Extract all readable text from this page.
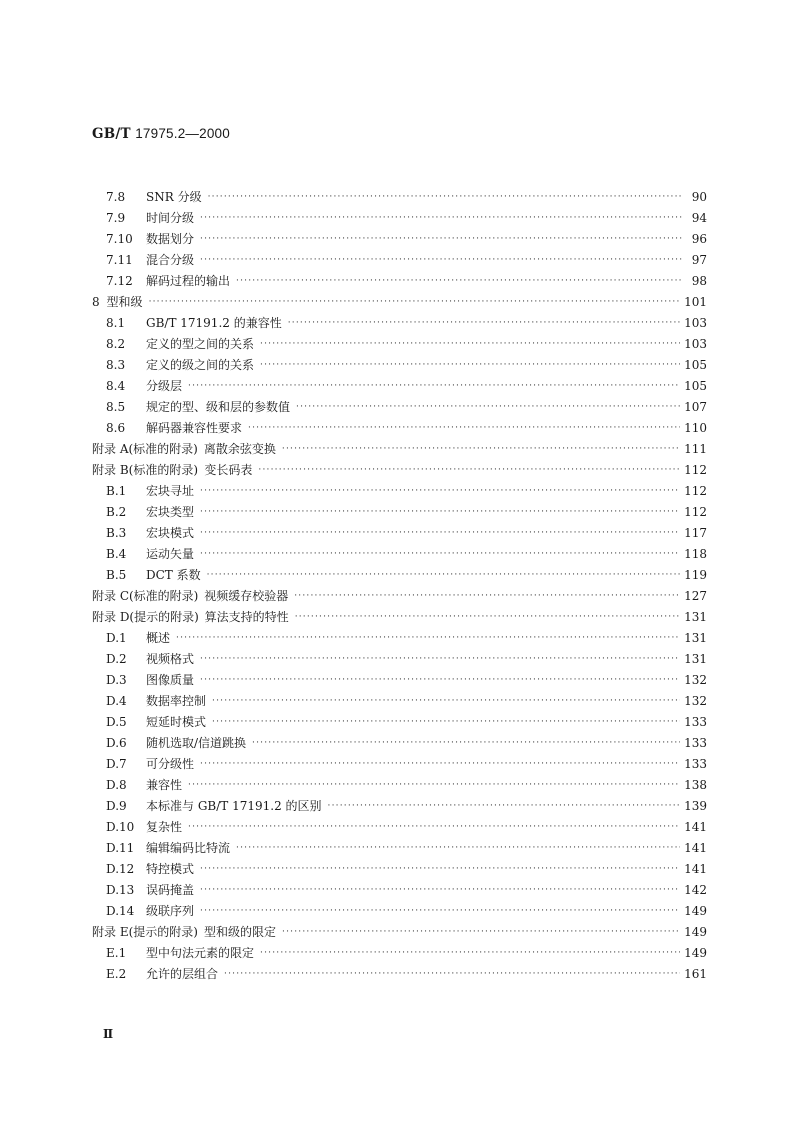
GB/T 17975.2—2000
7.8	SNR 分级 ·····	90
7.9	时间分级 ·····	94
7.10	数据划分 ·····	96
7.11	混合分级 ·····	97
7.12	解码过程的输出 ·····	98
8 型和级 ·····	101
8.1	GB/T 17191.2 的兼容性 ·····	103
8.2	定义的型之间的关系 ·····	103
8.3	定义的级之间的关系 ·····	105
8.4	分级层 ·····	105
8.5	规定的型、级和层的参数值 ·····	107
8.6	解码器兼容性要求 ·····	110
附录 A(标准的附录) 离散余弦变换 ·····	111
附录 B(标准的附录) 变长码表 ·····	112
B.1	宏块寻址 ·····	112
B.2	宏块类型 ·····	112
B.3	宏块模式 ·····	117
B.4	运动矢量 ·····	118
B.5	DCT 系数 ·····	119
附录 C(标准的附录) 视频缓存校验器 ·····	127
附录 D(提示的附录) 算法支持的特性 ·····	131
D.1	概述 ·····	131
D.2	视频格式 ·····	131
D.3	图像质量 ·····	132
D.4	数据率控制 ·····	132
D.5	短延时模式 ·····	133
D.6	随机选取/信道跳换 ·····	133
D.7	可分级性 ·····	133
D.8	兼容性 ·····	138
D.9	本标准与 GB/T 17191.2 的区别 ·····	139
D.10 复杂性 ·····	141
D.11 编辑编码比特流 ·····	141
D.12 特控模式 ·····	141
D.13 误码掩盖 ·····	142
D.14 级联序列 ·····	149
附录 E(提示的附录) 型和级的限定 ·····	149
E.1	型中句法元素的限定 ·····	149
E.2	允许的层组合 ·····	161
Ⅱ
